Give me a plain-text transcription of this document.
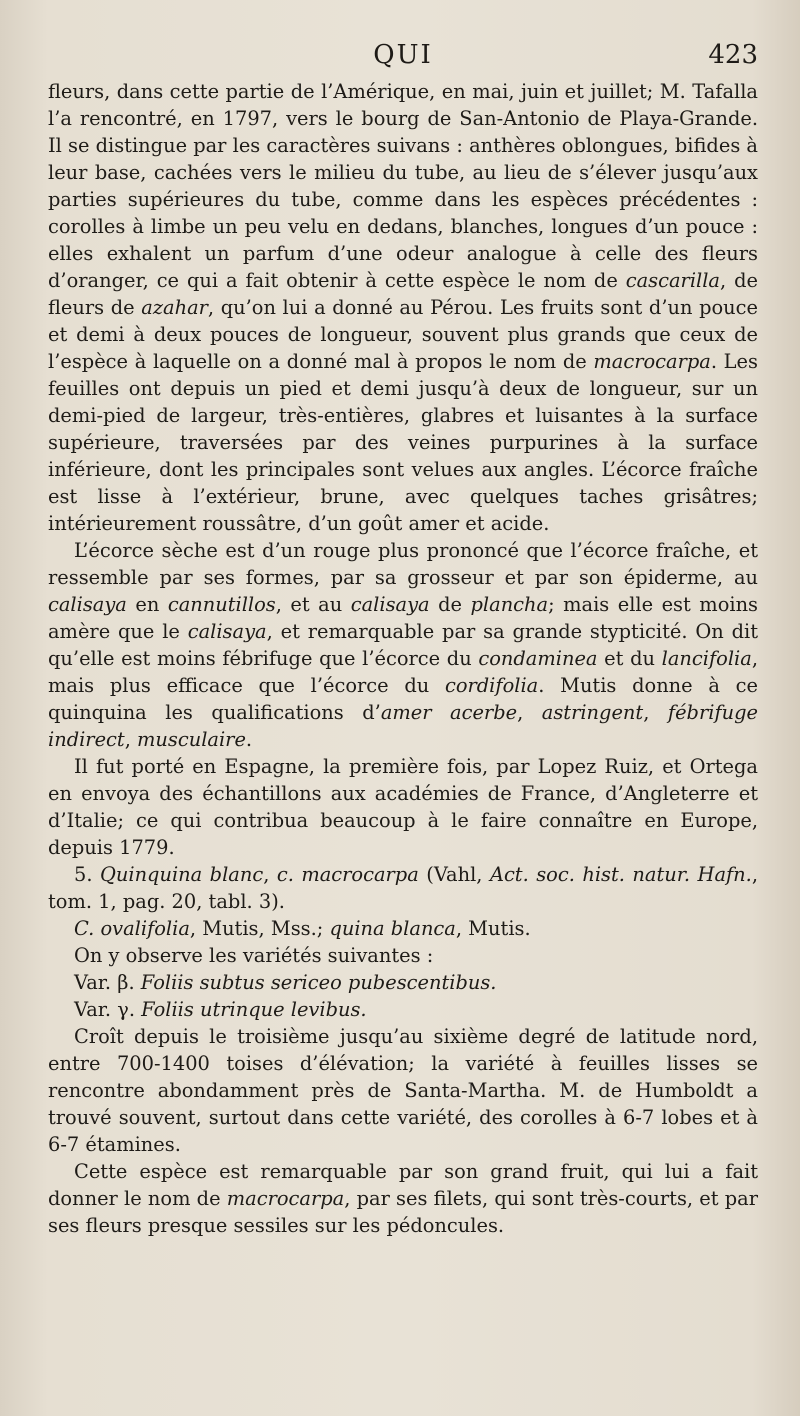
QUI	423

fleurs, dans cette partie de l’Amérique, en mai, juin et juillet; M. Tafalla l’a rencontré, en 1797, vers le bourg de San-Antonio de Playa-Grande. Il se distingue par les caractères suivans : anthères oblongues, bifides à leur base, cachées vers le milieu du tube, au lieu de s’élever jusqu’aux parties supérieures du tube, comme dans les espèces précédentes : corolles à limbe un peu velu en dedans, blanches, longues d’un pouce : elles exhalent un parfum d’une odeur analogue à celle des fleurs d’oranger, ce qui a fait obtenir à cette espèce le nom de cascarilla, de fleurs de azahar, qu’on lui a donné au Pérou. Les fruits sont d’un pouce et demi à deux pouces de longueur, souvent plus grands que ceux de l’espèce à laquelle on a donné mal à propos le nom de macrocarpa. Les feuilles ont depuis un pied et demi jusqu’à deux de longueur, sur un demi-pied de largeur, très-entières, glabres et luisantes à la surface supérieure, traversées par des veines purpurines à la surface inférieure, dont les principales sont velues aux angles. L’écorce fraîche est lisse à l’extérieur, brune, avec quelques taches grisâtres; intérieurement roussâtre, d’un goût amer et acide.

L’écorce sèche est d’un rouge plus prononcé que l’écorce fraîche, et ressemble par ses formes, par sa grosseur et par son épiderme, au calisaya en cannutillos, et au calisaya de plancha; mais elle est moins amère que le calisaya, et remarquable par sa grande stypticité. On dit qu’elle est moins fébrifuge que l’écorce du condaminea et du lancifolia, mais plus efficace que l’écorce du cordifolia. Mutis donne à ce quinquina les qualifications d’amer acerbe, astringent, fébrifuge indirect, musculaire.

Il fut porté en Espagne, la première fois, par Lopez Ruiz, et Ortega en envoya des échantillons aux académies de France, d’Angleterre et d’Italie; ce qui contribua beaucoup à le faire connaître en Europe, depuis 1779.

5. Quinquina blanc, c. macrocarpa (Vahl, Act. soc. hist. natur. Hafn., tom. 1, pag. 20, tabl. 3).

C. ovalifolia, Mutis, Mss.; quina blanca, Mutis.

On y observe les variétés suivantes :

Var. β. Foliis subtus sericeo pubescentibus.

Var. γ. Foliis utrinque levibus.

Croît depuis le troisième jusqu’au sixième degré de latitude nord, entre 700-1400 toises d’élévation; la variété à feuilles lisses se rencontre abondamment près de Santa-Martha. M. de Humboldt a trouvé souvent, surtout dans cette variété, des corolles à 6-7 lobes et à 6-7 étamines.

Cette espèce est remarquable par son grand fruit, qui lui a fait donner le nom de macrocarpa, par ses filets, qui sont très-courts, et par ses fleurs presque sessiles sur les pédoncules.
